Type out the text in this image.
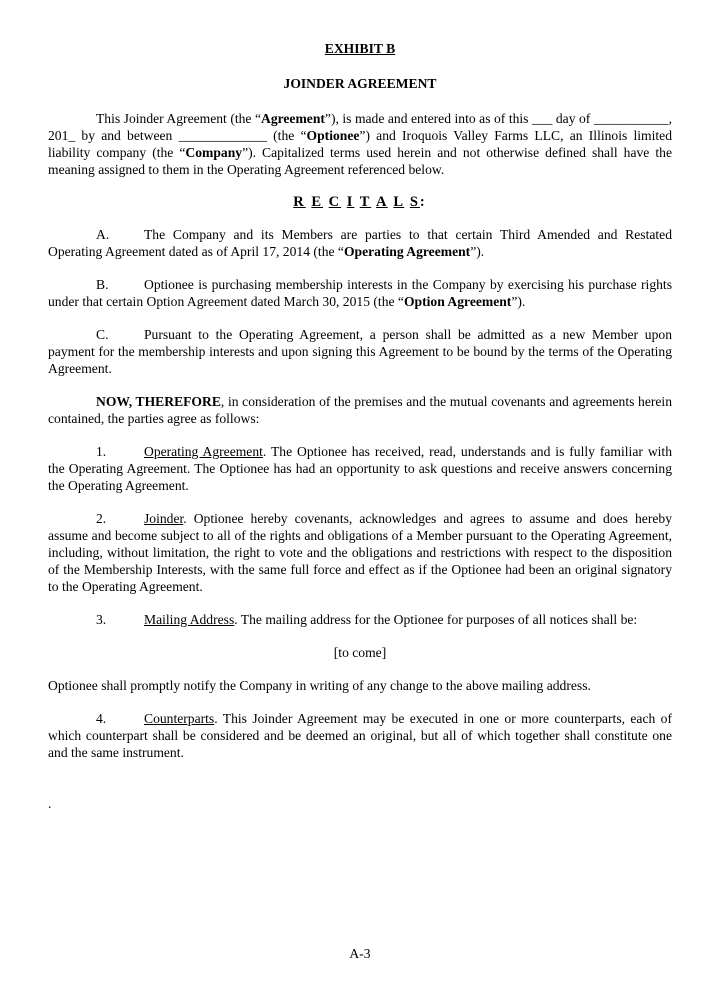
EXHIBIT B

JOINDER AGREEMENT

This Joinder Agreement (the “Agreement”), is made and entered into as of this ___ day of ___________, 201_ by and between _____________ (the “Optionee”) and Iroquois Valley Farms LLC, an Illinois limited liability company (the “Company”). Capitalized terms used herein and not otherwise defined shall have the meaning assigned to them in the Operating Agreement referenced below.

R E C I T A L S:

A.	The Company and its Members are parties to that certain Third Amended and Restated Operating Agreement dated as of April 17, 2014 (the “Operating Agreement”).

B.	Optionee is purchasing membership interests in the Company by exercising his purchase rights under that certain Option Agreement dated March 30, 2015 (the “Option Agreement”).

C.	Pursuant to the Operating Agreement, a person shall be admitted as a new Member upon payment for the membership interests and upon signing this Agreement to be bound by the terms of the Operating Agreement.

NOW, THEREFORE, in consideration of the premises and the mutual covenants and agreements herein contained, the parties agree as follows:

1.	Operating Agreement. The Optionee has received, read, understands and is fully familiar with the Operating Agreement. The Optionee has had an opportunity to ask questions and receive answers concerning the Operating Agreement.

2.	Joinder. Optionee hereby covenants, acknowledges and agrees to assume and does hereby assume and become subject to all of the rights and obligations of a Member pursuant to the Operating Agreement, including, without limitation, the right to vote and the obligations and restrictions with respect to the disposition of the Membership Interests, with the same full force and effect as if the Optionee had been an original signatory to the Operating Agreement.

3.	Mailing Address. The mailing address for the Optionee for purposes of all notices shall be:

[to come]

Optionee shall promptly notify the Company in writing of any change to the above mailing address.

4.	Counterparts. This Joinder Agreement may be executed in one or more counterparts, each of which counterpart shall be considered and be deemed an original, but all of which together shall constitute one and the same instrument.

.
A-3
